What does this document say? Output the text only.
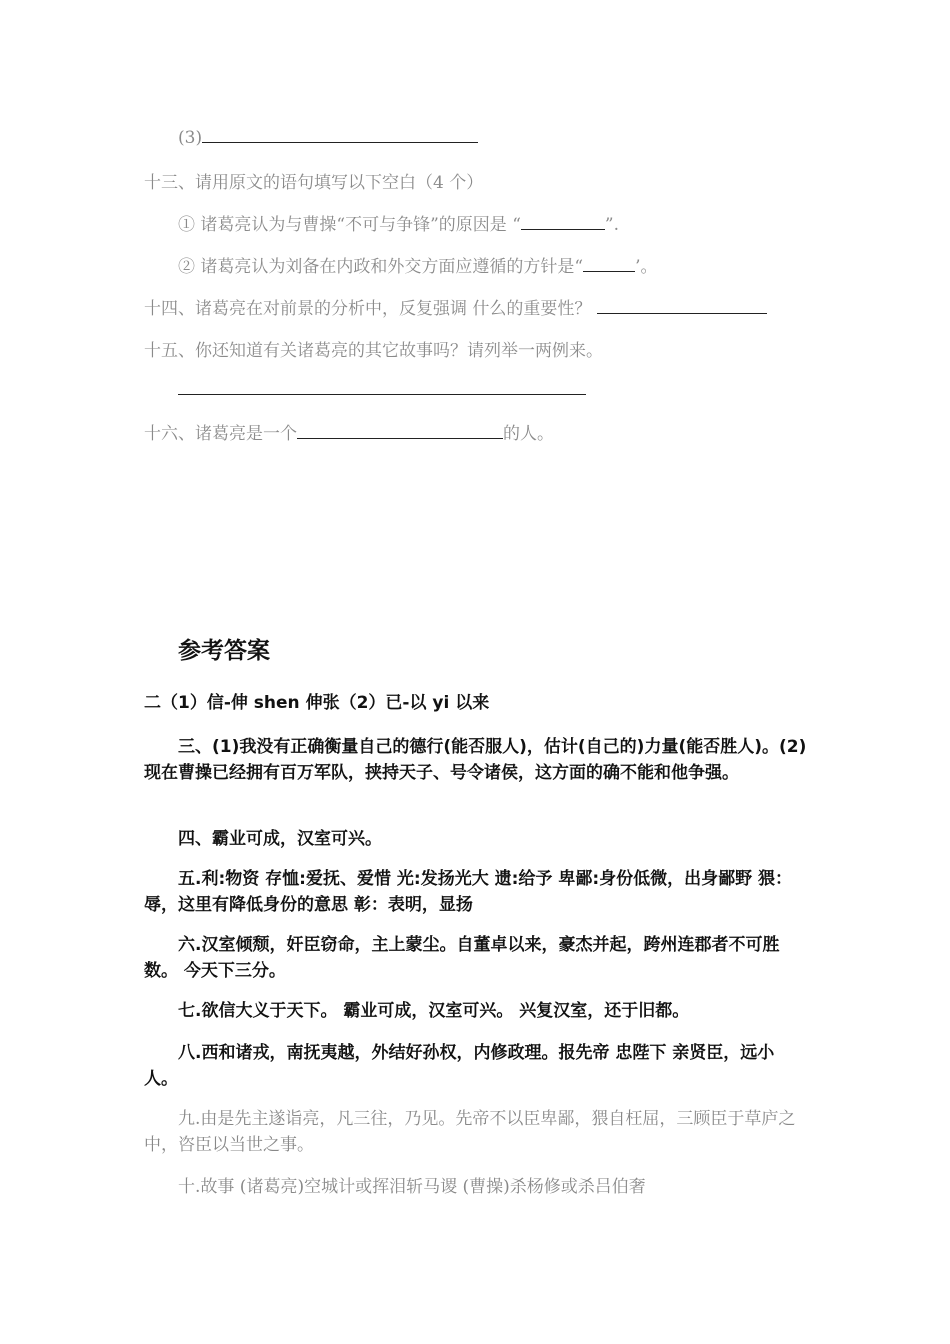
(3)
十三、请用原文的语句填写以下空白（4 个）
① 诸葛亮认为与曹操“不可与争锋”的原因是 “	”.
② 诸葛亮认为刘备在内政和外交方面应遵循的方针是“	’。
十四、诸葛亮在对前景的分析中，反复强调 什么的重要性？
十五、你还知道有关诸葛亮的其它故事吗？请列举一两例来。
十六、诸葛亮是一个	的人。
参考答案
二（1）信-伸 shen 伸张（2）已-以 yi 以来
三、(1)我没有正确衡量自己的德行(能否服人)，估计(自己的)力量(能否胜人)。(2)现在曹操已经拥有百万军队，挟持天子、号令诸侯，这方面的确不能和他争强。
四、霸业可成，汉室可兴。
五.利:物资 存恤:爱抚、爱惜 光:发扬光大 遗:给予 卑鄙:身份低微，出身鄙野 猥：辱，这里有降低身份的意思 彰：表明，显扬
六.汉室倾颓，奸臣窃命，主上蒙尘。自董卓以来，豪杰并起，跨州连郡者不可胜数。 今天下三分。
七.欲信大义于天下。 霸业可成，汉室可兴。 兴复汉室，还于旧都。
八.西和诸戎，南抚夷越，外结好孙权，内修政理。报先帝 忠陛下 亲贤臣，远小人。
九.由是先主遂诣亮，凡三往，乃见。先帝不以臣卑鄙，猥自枉屈，三顾臣于草庐之中，咨臣以当世之事。
十.故事 (诸葛亮)空城计或挥泪斩马谡 (曹操)杀杨修或杀吕伯奢
